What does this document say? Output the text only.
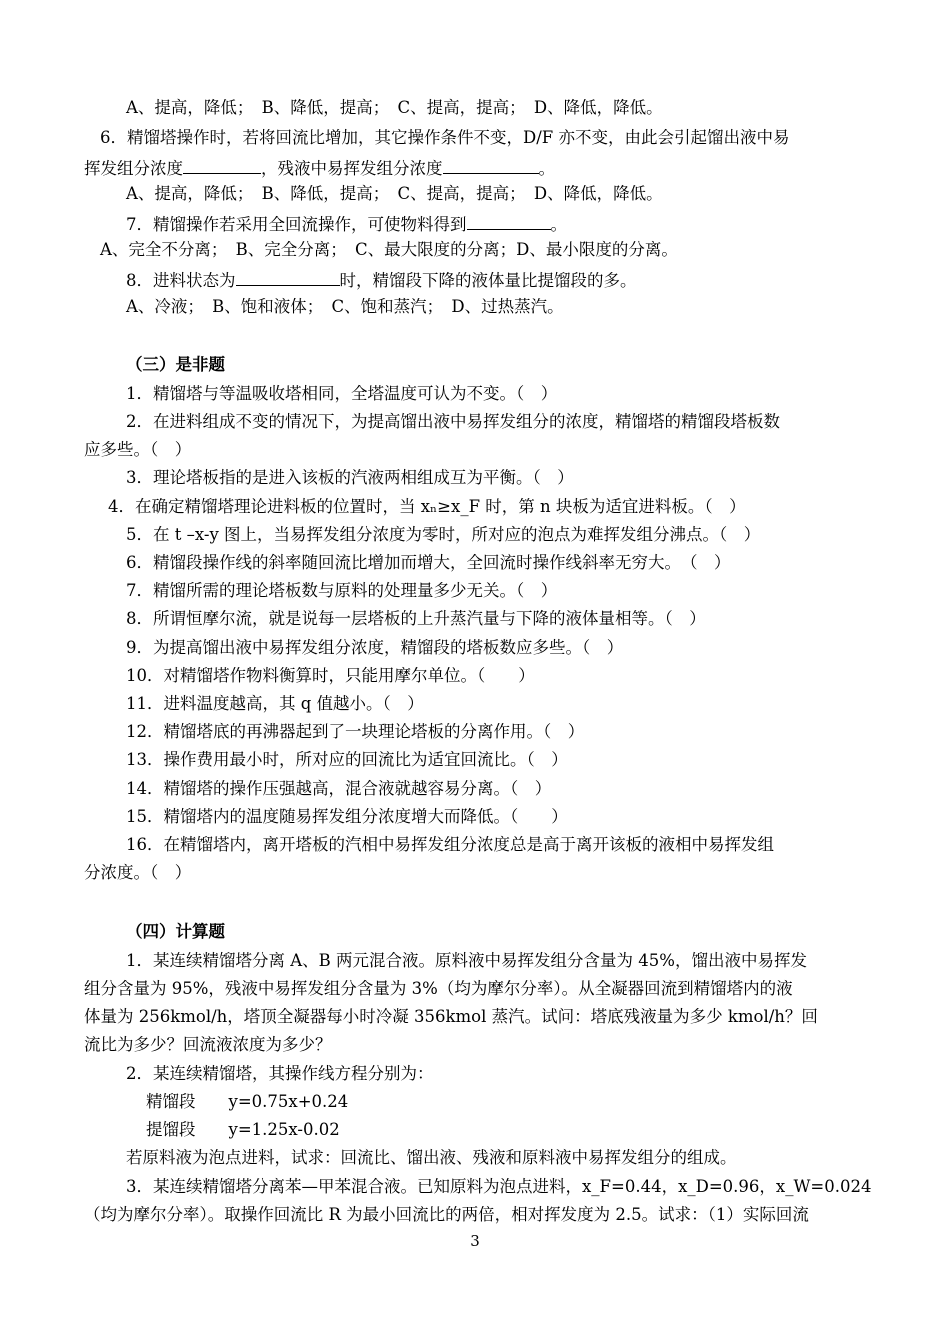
A、提高，降低；　B、降低，提高；　C、提高，提高；　D、降低，降低。
6．精馏塔操作时，若将回流比增加，其它操作条件不变，D/F 亦不变，由此会引起馏出液中易
挥发组分浓度	，残液中易挥发组分浓度	。
A、提高，降低；　B、降低，提高；　C、提高，提高；　D、降低，降低。
7．精馏操作若采用全回流操作，可使物料得到	。
A、完全不分离；　B、完全分离；　C、最大限度的分离；D、最小限度的分离。
8．进料状态为	时，精馏段下降的液体量比提馏段的多。
A、冷液；　B、饱和液体；　C、饱和蒸汽；　D、过热蒸汽。
（三）是非题
1．精馏塔与等温吸收塔相同，全塔温度可认为不变。（　）
2．在进料组成不变的情况下，为提高馏出液中易挥发组分的浓度，精馏塔的精馏段塔板数
应多些。（　）
3．理论塔板指的是进入该板的汽液两相组成互为平衡。（　）
4．在确定精馏塔理论进料板的位置时，当 xₙ≥x_F 时，第 n 块板为适宜进料板。（　）
5．在 t –x-y 图上，当易挥发组分浓度为零时，所对应的泡点为难挥发组分沸点。（　）
6．精馏段操作线的斜率随回流比增加而增大，全回流时操作线斜率无穷大。　（　）
7．精馏所需的理论塔板数与原料的处理量多少无关。（　）
8．所谓恒摩尔流，就是说每一层塔板的上升蒸汽量与下降的液体量相等。（　）
9．为提高馏出液中易挥发组分浓度，精馏段的塔板数应多些。（　）
10．对精馏塔作物料衡算时，只能用摩尔单位。（　　）
11．进料温度越高，其 q 值越小。（　）
12．精馏塔底的再沸器起到了一块理论塔板的分离作用。（　）
13．操作费用最小时，所对应的回流比为适宜回流比。（　）
14．精馏塔的操作压强越高，混合液就越容易分离。（　）
15．精馏塔内的温度随易挥发组分浓度增大而降低。（　　）
16．在精馏塔内，离开塔板的汽相中易挥发组分浓度总是高于离开该板的液相中易挥发组
分浓度。（　）
（四）计算题
1．某连续精馏塔分离 A、B 两元混合液。原料液中易挥发组分含量为 45%，馏出液中易挥发
组分含量为 95%，残液中易挥发组分含量为 3%（均为摩尔分率）。从全凝器回流到精馏塔内的液
体量为 256kmol/h，塔顶全凝器每小时冷凝 356kmol 蒸汽。试问：塔底残液量为多少 kmol/h？回
流比为多少？回流液浓度为多少？
2．某连续精馏塔，其操作线方程分别为：
精馏段　　y=0.75x+0.24
提馏段　　y=1.25x-0.02
若原料液为泡点进料，试求：回流比、馏出液、残液和原料液中易挥发组分的组成。
3．某连续精馏塔分离苯—甲苯混合液。已知原料为泡点进料，x_F=0.44，x_D=0.96，x_W=0.024
（均为摩尔分率）。取操作回流比 R 为最小回流比的两倍，相对挥发度为 2.5。试求：（1）实际回流
3
